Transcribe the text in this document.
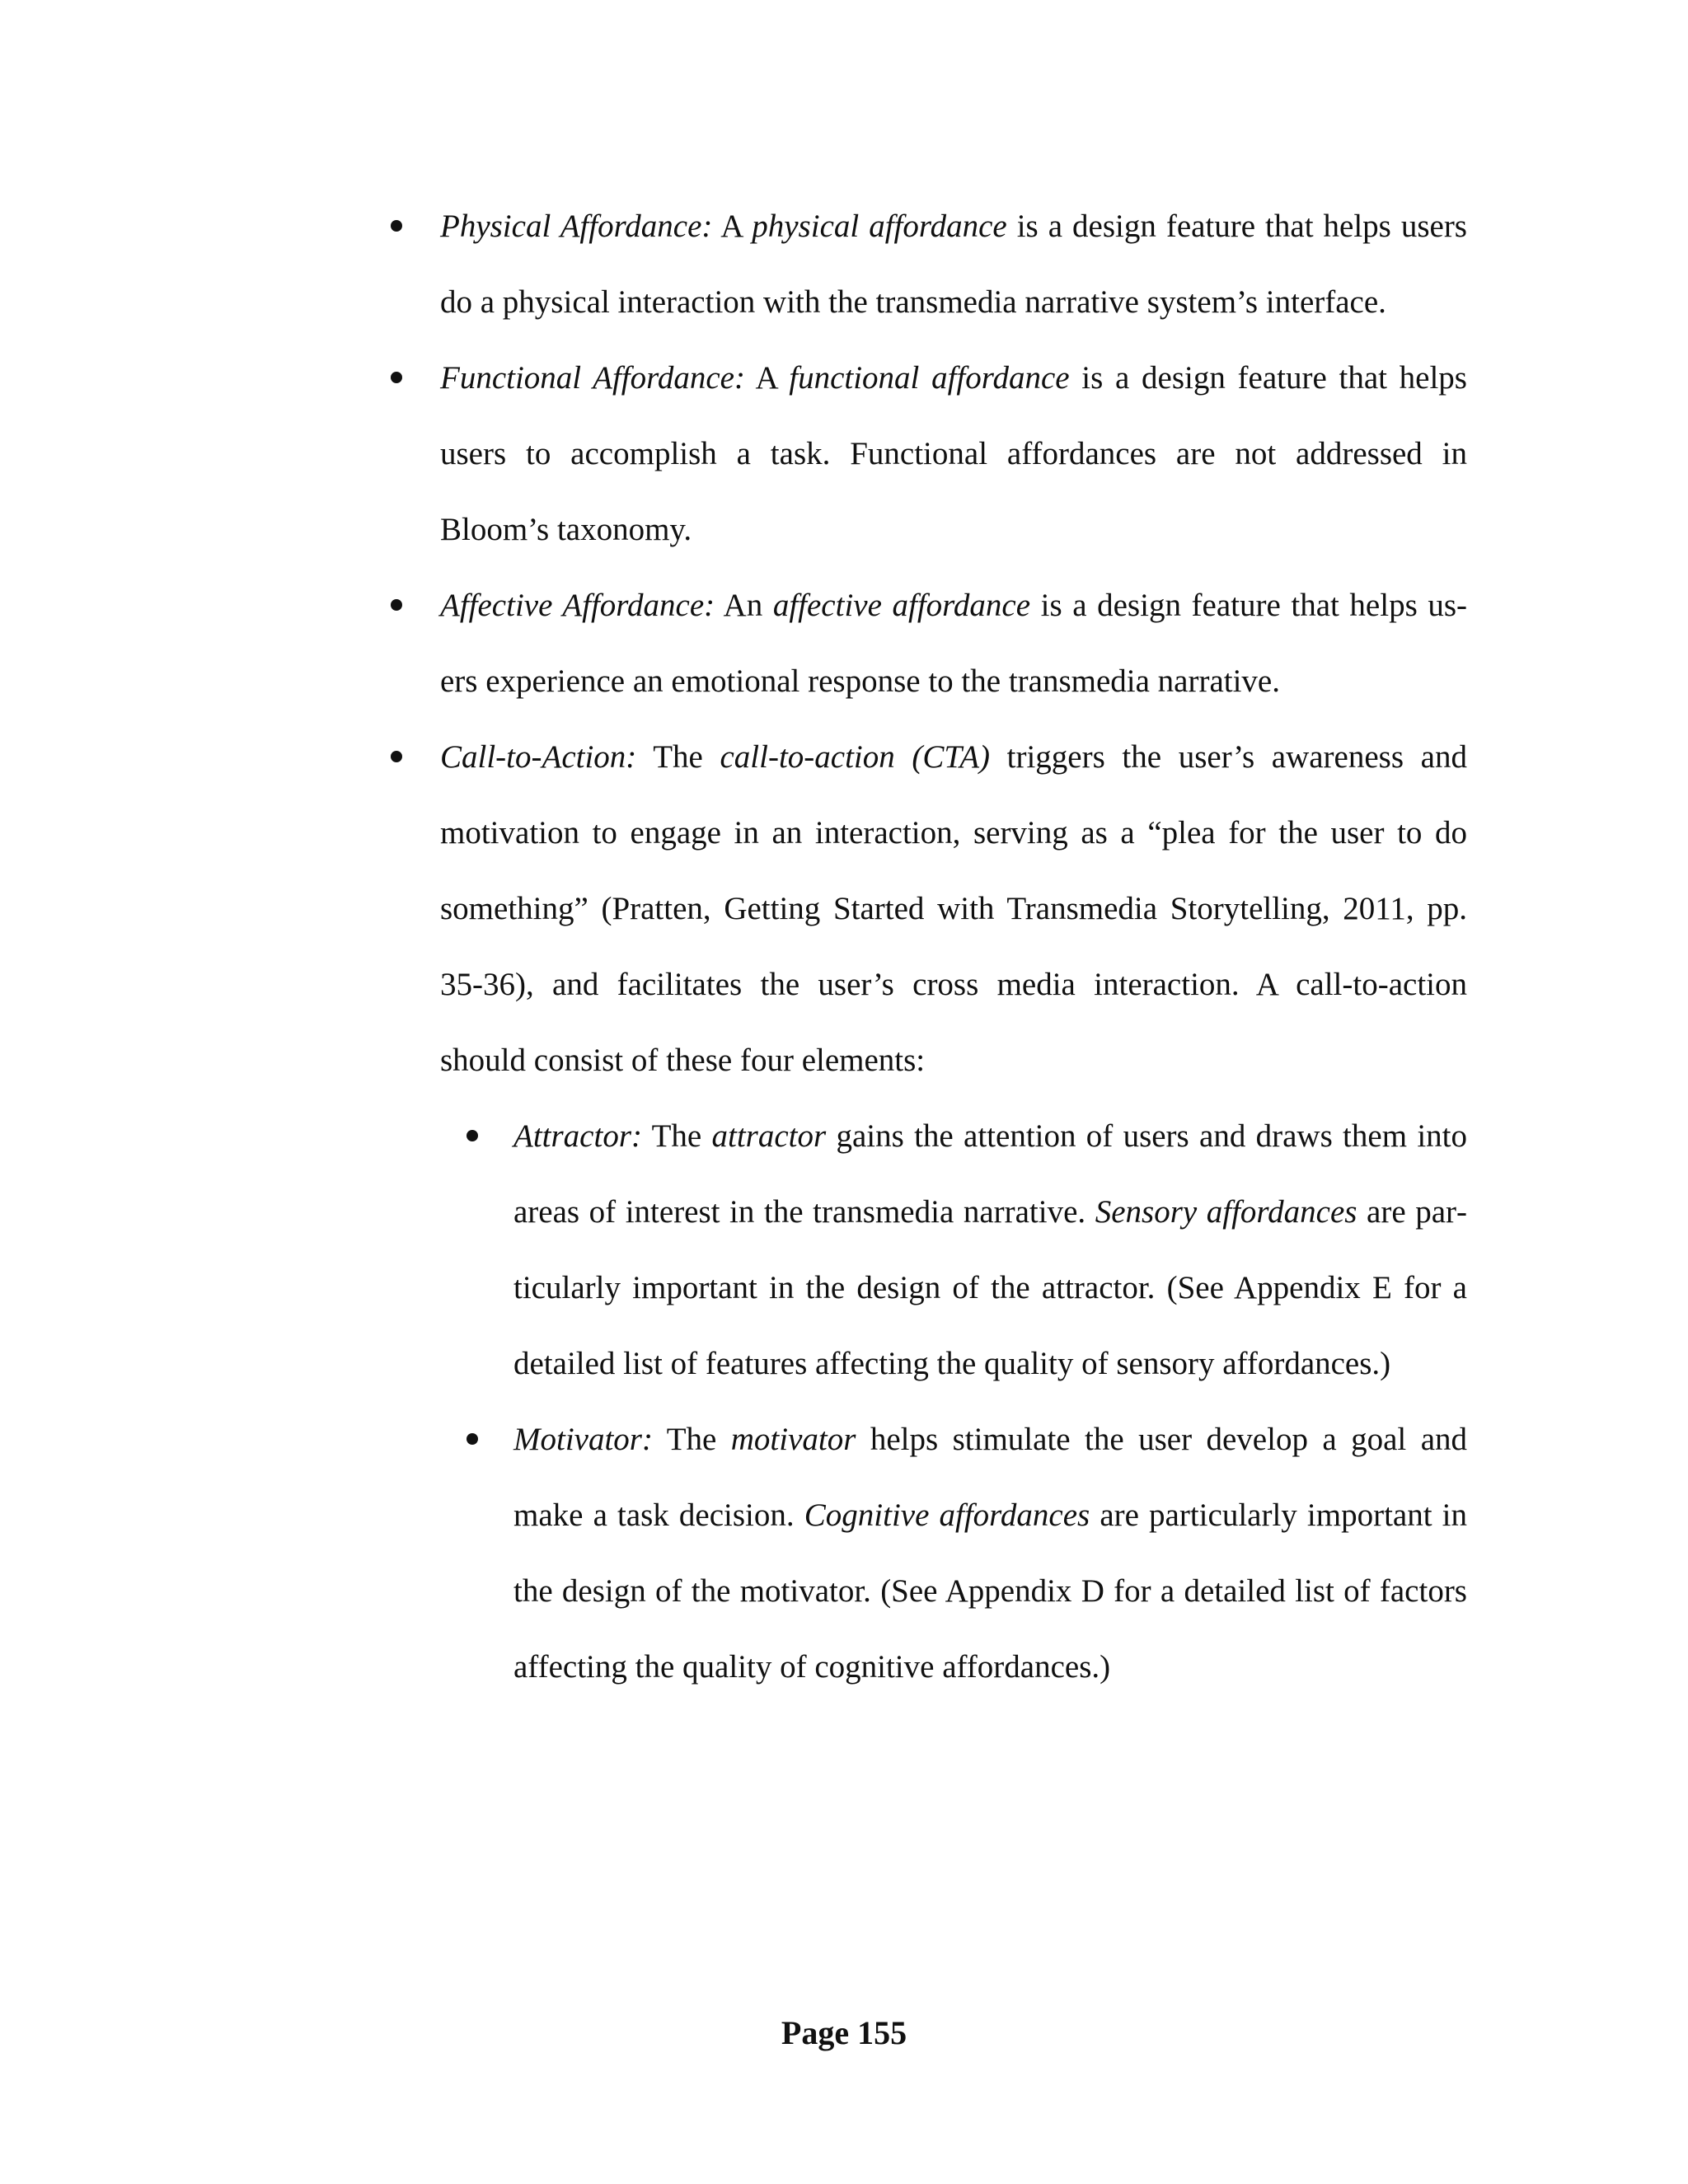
Physical Affordance: A physical affordance is a design feature that helps users do a physical interaction with the transmedia narrative system’s interface.
Functional Affordance: A functional affordance is a design feature that helps users to accomplish a task. Functional affordances are not addressed in Bloom’s taxonomy.
Affective Affordance: An affective affordance is a design feature that helps users experience an emotional response to the transmedia narrative.
Call-to-Action: The call-to-action (CTA) triggers the user’s awareness and motivation to engage in an interaction, serving as a “plea for the user to do something” (Pratten, Getting Started with Transmedia Storytelling, 2011, pp. 35-36), and facilitates the user’s cross media interaction. A call-to-action should consist of these four elements:
Attractor: The attractor gains the attention of users and draws them into areas of interest in the transmedia narrative. Sensory affordances are particularly important in the design of the attractor. (See Appendix E for a detailed list of features affecting the quality of sensory affordances.)
Motivator: The motivator helps stimulate the user develop a goal and make a task decision. Cognitive affordances are particularly important in the design of the motivator. (See Appendix D for a detailed list of factors affecting the quality of cognitive affordances.)
Page 155
